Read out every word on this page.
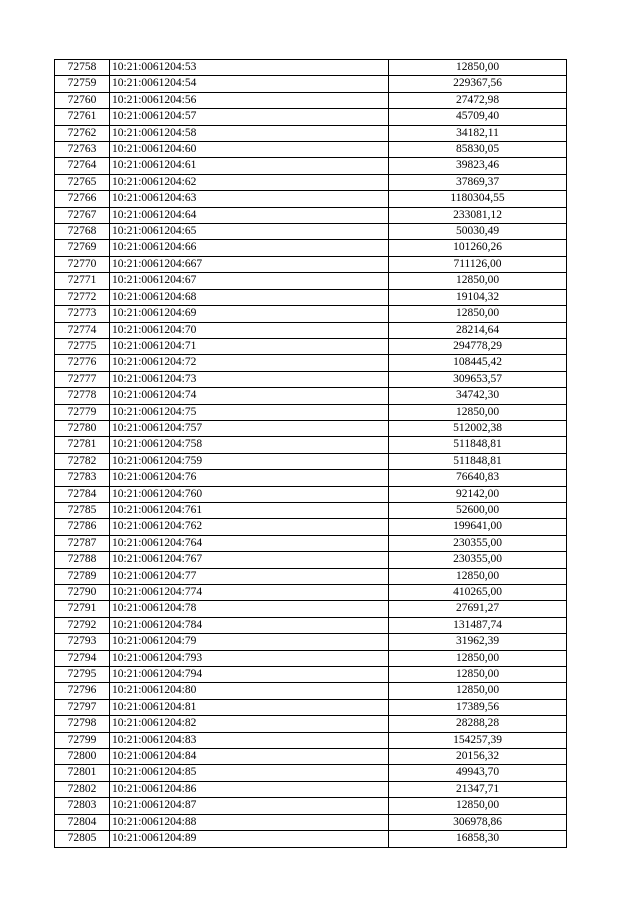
72758	10:21:0061204:53	12850,00
72759	10:21:0061204:54	229367,56
72760	10:21:0061204:56	27472,98
72761	10:21:0061204:57	45709,40
72762	10:21:0061204:58	34182,11
72763	10:21:0061204:60	85830,05
72764	10:21:0061204:61	39823,46
72765	10:21:0061204:62	37869,37
72766	10:21:0061204:63	1180304,55
72767	10:21:0061204:64	233081,12
72768	10:21:0061204:65	50030,49
72769	10:21:0061204:66	101260,26
72770	10:21:0061204:667	711126,00
72771	10:21:0061204:67	12850,00
72772	10:21:0061204:68	19104,32
72773	10:21:0061204:69	12850,00
72774	10:21:0061204:70	28214,64
72775	10:21:0061204:71	294778,29
72776	10:21:0061204:72	108445,42
72777	10:21:0061204:73	309653,57
72778	10:21:0061204:74	34742,30
72779	10:21:0061204:75	12850,00
72780	10:21:0061204:757	512002,38
72781	10:21:0061204:758	511848,81
72782	10:21:0061204:759	511848,81
72783	10:21:0061204:76	76640,83
72784	10:21:0061204:760	92142,00
72785	10:21:0061204:761	52600,00
72786	10:21:0061204:762	199641,00
72787	10:21:0061204:764	230355,00
72788	10:21:0061204:767	230355,00
72789	10:21:0061204:77	12850,00
72790	10:21:0061204:774	410265,00
72791	10:21:0061204:78	27691,27
72792	10:21:0061204:784	131487,74
72793	10:21:0061204:79	31962,39
72794	10:21:0061204:793	12850,00
72795	10:21:0061204:794	12850,00
72796	10:21:0061204:80	12850,00
72797	10:21:0061204:81	17389,56
72798	10:21:0061204:82	28288,28
72799	10:21:0061204:83	154257,39
72800	10:21:0061204:84	20156,32
72801	10:21:0061204:85	49943,70
72802	10:21:0061204:86	21347,71
72803	10:21:0061204:87	12850,00
72804	10:21:0061204:88	306978,86
72805	10:21:0061204:89	16858,30
